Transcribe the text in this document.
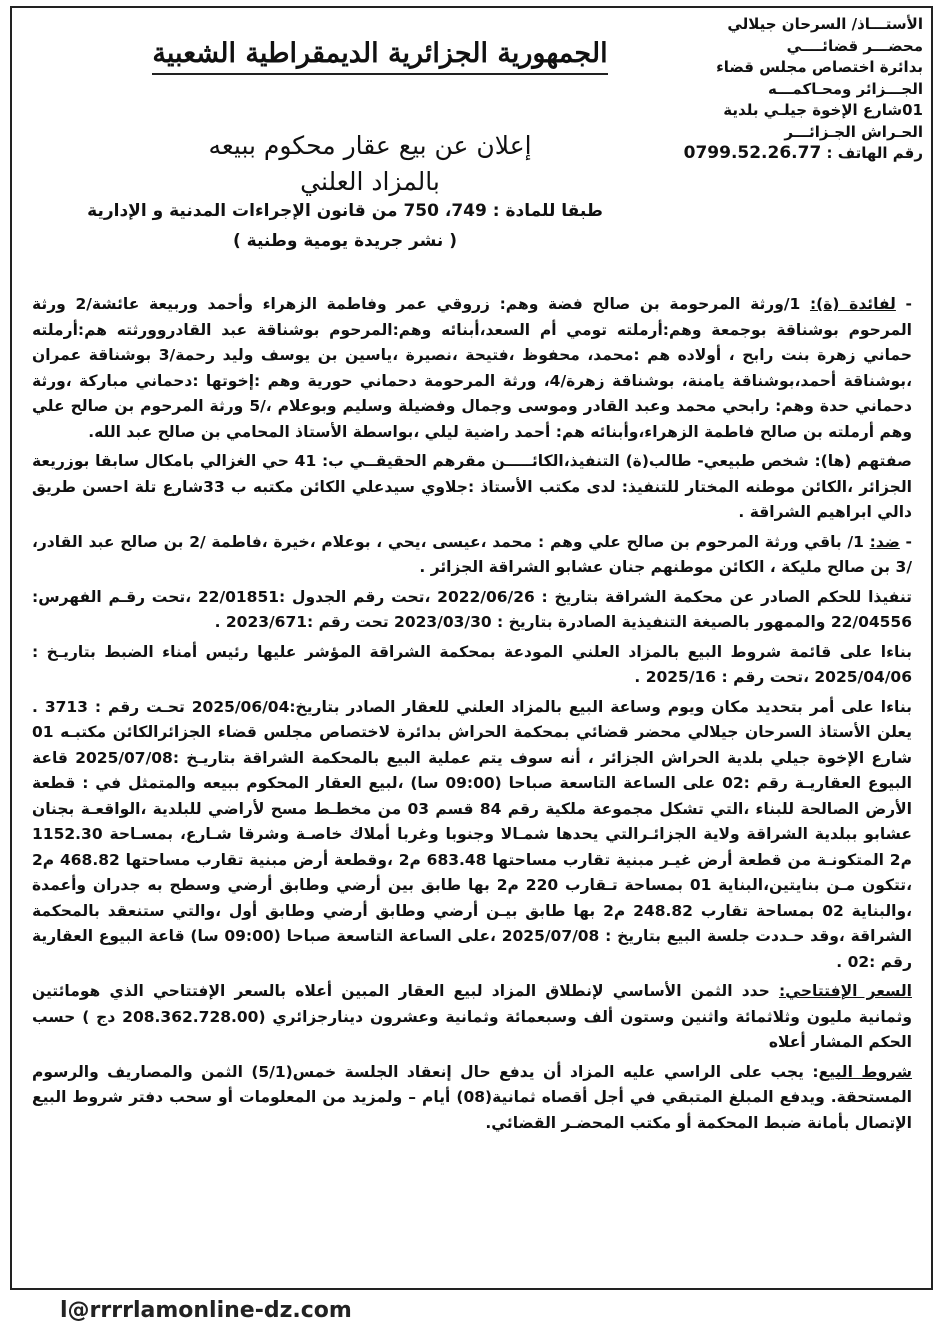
الجمهورية الجزائرية الديمقراطية الشعبية
الأستـــاذ/ السرحان جيلالي
محضـــر قضائــــي
بدائرة اختصاص مجلس قضاء
الجـــزائر ومحـاكمـــه
01شارع الإخوة جيلـي بلدية
الحـراش الجـزائـــر
رقم الهاتف : 0799.52.26.77
إعلان عن بيع عقار محكوم ببيعه
بالمزاد العلني
طبقا للمادة : 749، 750 من قانون الإجراءات المدنية و الإدارية
( نشر جريدة يومية وطنية )

- لفائدة (ة): 1/ورثة المرحومة بن صالح فضة وهم: زروقي عمر وفاطمة الزهراء وأحمد وربيعة عائشة/2 ورثة المرحوم بوشناقة بوجمعة وهم:أرملته تومي أم السعد،أبنائه وهم:المرحوم بوشناقة عبد القادروورثته هم:أرملته حماني زهرة بنت رابح ، أولاده هم :محمد، محفوظ ،فتيحة ،نصيرة ،ياسين بن يوسف وليد رحمة/3 بوشناقة عمران ،بوشناقة أحمد،بوشناقة يامنة، بوشناقة زهرة/4، ورثة المرحومة دحماني حورية وهم :إخوتها :دحماني مباركة ،ورثة دحماني حدة وهم: رابحي محمد وعبد القادر وموسى وجمال وفضيلة وسليم وبوعلام ،/5 ورثة المرحوم بن صالح علي وهم أرملته بن صالح فاطمة الزهراء،وأبنائه هم: أحمد راضية ليلي ،بواسطة الأستاذ المحامي بن صالح عبد الله.

صفتهم (ها): شخص طبيعي- طالب(ة) التنفيذ،الكائـــــن مقرهم الحقيقــي ب: 41 حي الغزالي بامكال سابقا بوزريعة الجزائر ،الكائن موطنه المختار للتنفيذ: لدى مكتب الأستاذ :جلاوي سيدعلي الكائن مكتبه ب 33شارع تلة احسن طريق دالي ابراهيم الشراقة .

- ضد: 1/ باقي ورثة المرحوم بن صالح علي وهم : محمد ،عيسى ،يحي ، بوعلام ،خيرة ،فاطمة /2 بن صالح عبد القادر، /3 بن صالح مليكة ، الكائن موطنهم جنان عشابو الشراقة الجزائر .

تنفيذا للحكم الصادر عن محكمة الشراقة بتاريخ : 2022/06/26 ،تحت رقم الجدول :22/01851 ،تحت رقـم الفهرس: 22/04556 والممهور بالصيغة التنفيذية الصادرة بتاريخ : 2023/03/30 تحت رقم :2023/671 .

بناءا على قائمة شروط البيع بالمزاد العلني المودعة بمحكمة الشراقة المؤشر عليها رئيس أمناء الضبط بتاريـخ : 2025/04/06 ،تحت رقم : 2025/16 .

بناءا على أمر بتحديد مكان ويوم وساعة البيع بالمزاد العلني للعقار الصادر بتاريخ:2025/06/04 تحـت رقم : 3713 . يعلن الأستاذ السرحان جيلالي محضر قضائي بمحكمة الحراش بدائرة لاختصاص مجلس قضاء الجزائرالكائن مكتبـه 01 شارع الإخوة جيلي بلدية الحراش الجزائر ، أنه سوف يتم عملية البيع بالمحكمة الشراقة بتاريـخ :2025/07/08 قاعة البيوع العقاريـة رقم :02 على الساعة التاسعة صباحا (09:00 سا) ،لبيع العقار المحكوم ببيعه والمتمثل في : قطعة الأرض الصالحة للبناء ،التي تشكل مجموعة ملكية رقم 84 قسم 03 من مخطـط مسح لأراضي للبلدية ،الواقعـة بجنان عشابو ببلدية الشراقة ولاية الجزائـرالتي يحدها شمـالا وجنوبا وغربا أملاك خاصـة وشرقا شـارع، بمسـاحة 1152.30 م2 المتكونـة من قطعة أرض غيـر مبنية تقارب مساحتها 683.48 م2 ،وقطعة أرض مبنية تقارب مساحتها 468.82 م2 ،تتكون مـن بنايتين،البناية 01 بمساحة تـقارب 220 م2 بها طابق بين أرضي وطابق أرضي وسطح به جدران وأعمدة ،والبناية 02 بمساحة تقارب 248.82 م2 بها طابق بيـن أرضي وطابق أرضي وطابق أول ،والتي ستنعقد بالمحكمة الشراقة ،وقد حـددت جلسة البيع بتاريخ : 2025/07/08 ،على الساعة التاسعة صباحا (09:00 سا) قاعة البيوع العقارية رقم :02 .

السعر الإفتتاحي: حدد الثمن الأساسي لإنطلاق المزاد لبيع العقار المبين أعلاه بالسعر الإفتتاحي الذي هومائتين وثمانية مليون وثلاثمائة واثنين وستون ألف وسبعمائة وثمانية وعشرون دينارجزائري (208.362.728.00 دج ) حسب الحكم المشار أعلاه

شروط البيع: يجب على الراسي عليه المزاد أن يدفع حال إنعقاد الجلسة خمس(5/1) الثمن والمصاريف والرسوم المستحقة. ويدفع المبلغ المتبقي في أجل أقصاه ثمانية(08) أيام – ولمزيد من المعلومات أو سحب دفتر شروط البيع الإتصال بأمانة ضبط المحكمة أو مكتب المحضـر القضائي.

l@rrrrlamonline-dz.com
